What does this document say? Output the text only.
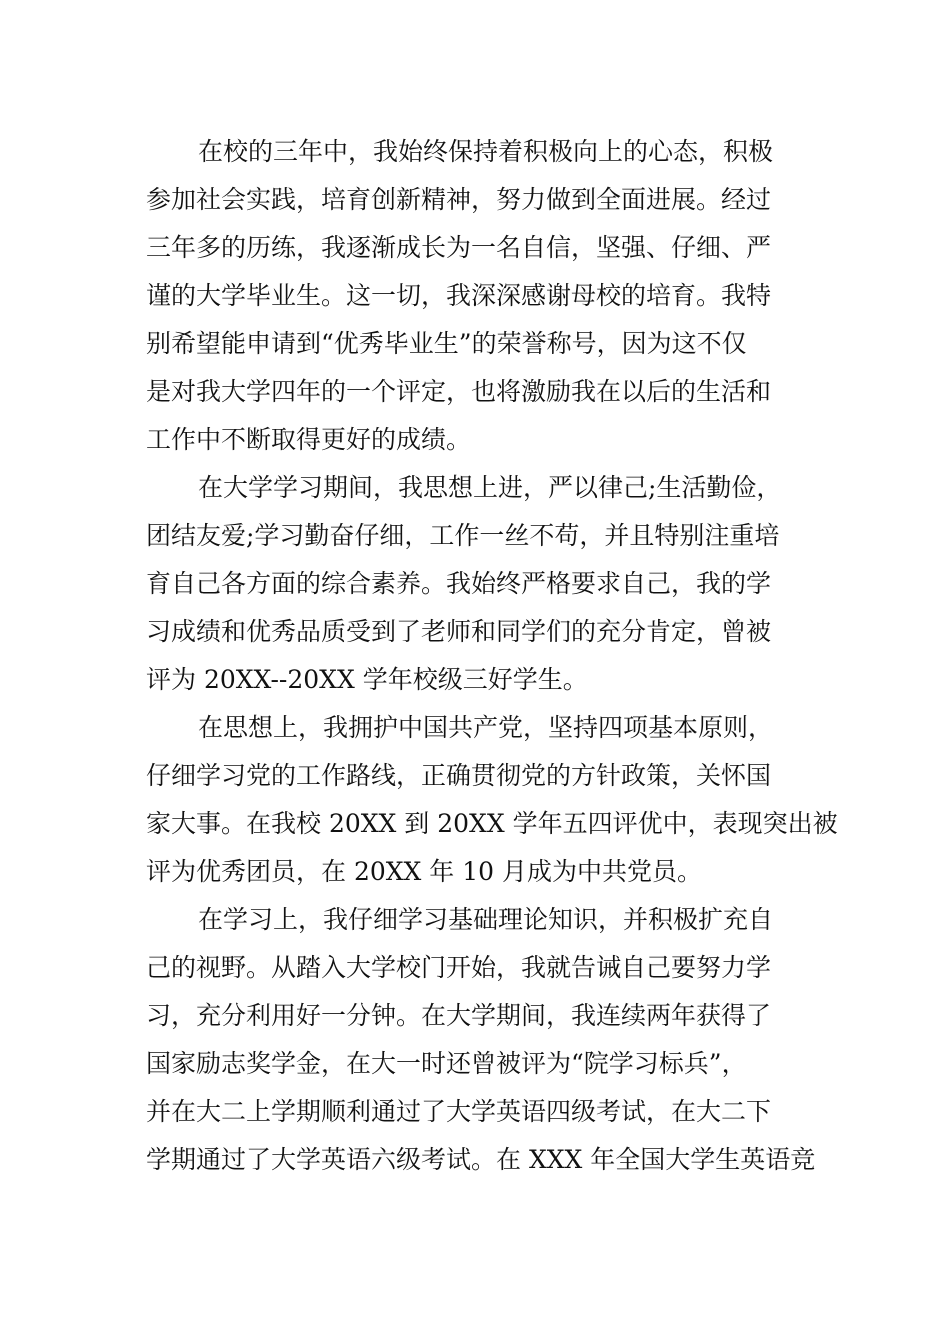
在校的三年中，我始终保持着积极向上的心态，积极
参加社会实践，培育创新精神，努力做到全面进展。经过
三年多的历练，我逐渐成长为一名自信，坚强、仔细、严
谨的大学毕业生。这一切，我深深感谢母校的培育。我特
别希望能申请到“优秀毕业生”的荣誉称号，因为这不仅
是对我大学四年的一个评定，也将激励我在以后的生活和
工作中不断取得更好的成绩。
在大学学习期间，我思想上进，严以律己;生活勤俭，
团结友爱;学习勤奋仔细，工作一丝不苟，并且特别注重培
育自己各方面的综合素养。我始终严格要求自己，我的学
习成绩和优秀品质受到了老师和同学们的充分肯定，曾被
评为 20XX--20XX 学年校级三好学生。
在思想上，我拥护中国共产党，坚持四项基本原则，
仔细学习党的工作路线，正确贯彻党的方针政策，关怀国
家大事。在我校 20XX 到 20XX 学年五四评优中，表现突出被
评为优秀团员，在 20XX 年 10 月成为中共党员。
在学习上，我仔细学习基础理论知识，并积极扩充自
己的视野。从踏入大学校门开始，我就告诫自己要努力学
习，充分利用好一分钟。在大学期间，我连续两年获得了
国家励志奖学金，在大一时还曾被评为“院学习标兵”，
并在大二上学期顺利通过了大学英语四级考试，在大二下
学期通过了大学英语六级考试。在 XXX 年全国大学生英语竞
